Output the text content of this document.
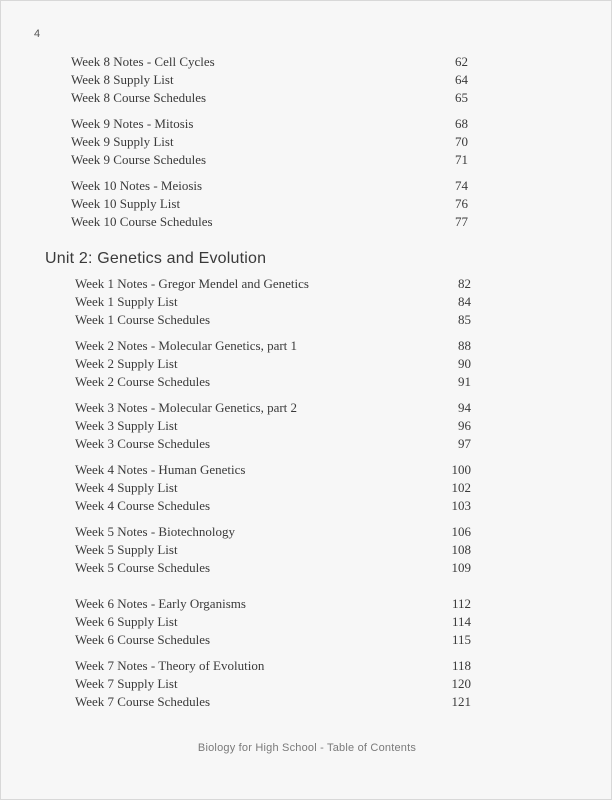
4
Week 8 Notes - Cell Cycles	62
Week 8 Supply List	64
Week 8 Course Schedules	65
Week 9 Notes - Mitosis	68
Week 9 Supply List	70
Week 9 Course Schedules	71
Week 10 Notes - Meiosis	74
Week 10 Supply List	76
Week 10 Course Schedules	77
Unit 2: Genetics and Evolution
Week 1 Notes - Gregor Mendel and Genetics	82
Week 1 Supply List	84
Week 1 Course Schedules	85
Week 2 Notes - Molecular Genetics, part 1	88
Week 2 Supply List	90
Week 2 Course Schedules	91
Week 3 Notes - Molecular Genetics, part 2	94
Week 3 Supply List	96
Week 3 Course Schedules	97
Week 4 Notes - Human Genetics	100
Week 4 Supply List	102
Week 4 Course Schedules	103
Week 5 Notes - Biotechnology	106
Week 5 Supply List	108
Week 5 Course Schedules	109
Week 6 Notes - Early Organisms	112
Week 6 Supply List	114
Week 6 Course Schedules	115
Week 7 Notes - Theory of Evolution	118
Week 7 Supply List	120
Week 7 Course Schedules	121
Biology for High School - Table of Contents
